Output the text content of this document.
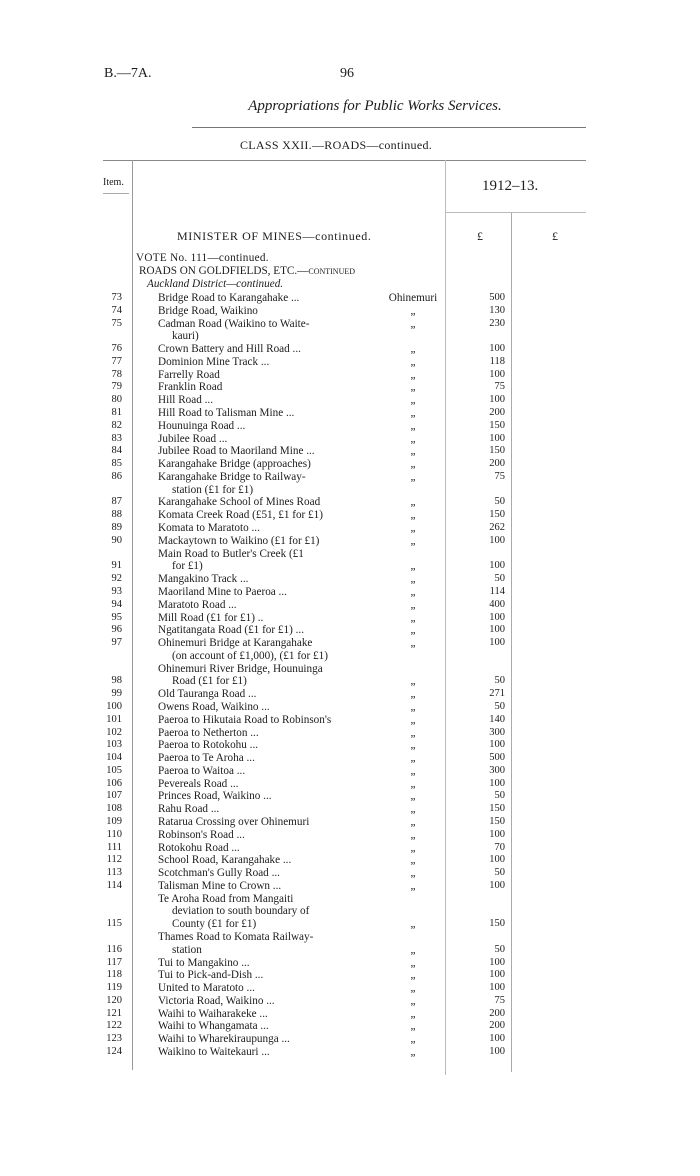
B.—7A.	96
Appropriations for Public Works Services.
CLASS XXII.—ROADS—continued.
Item.	1912–13.
MINISTER OF MINES—continued.	£	£
VOTE No. 111—continued.
ROADS ON GOLDFIELDS, ETC.—continued
Auckland District—continued.
73	Bridge Road to Karangahake ...	Ohinemuri	500
74	Bridge Road, Waikino	„	130
75	Cadman Road (Waikino to Waite-
kauri)
„	230
76	Crown Battery and Hill Road ...	„	100
77	Dominion Mine Track ...	„	118
78	Farrelly Road	„	100
79	Franklin Road	„	75
80	Hill Road ...	„	100
81	Hill Road to Talisman Mine ...	„	200
82	Hounuinga Road ...	„	150
83	Jubilee Road ...	„	100
84	Jubilee Road to Maoriland Mine ...	„	150
85	Karangahake Bridge (approaches)	„	200
86	Karangahake Bridge to Railway-
station (£1 for £1)
„	75
87	Karangahake School of Mines Road	„	50
88	Komata Creek Road (£51, £1 for £1)	„	150
89	Komata to Maratoto ...	„	262
90	Mackaytown to Waikino (£1 for £1)	„	100
91
Main Road to Butler's Creek (£1
for £1)	„	100
92	Mangakino Track ...	„	50
93	Maoriland Mine to Paeroa ...	„	114
94	Maratoto Road ...	„	400
95	Mill Road (£1 for £1) ..	„	100
96	Ngatitangata Road (£1 for £1) ...	„	100
97	Ohinemuri Bridge at Karangahake
(on account of £1,000), (£1 for £1)
„	100
98
Ohinemuri River Bridge, Hounuinga
Road (£1 for £1)	„	50
99	Old Tauranga Road ...	„	271
100	Owens Road, Waikino ...	„	50
101	Paeroa to Hikutaia Road to Robinson's	„	140
102	Paeroa to Netherton ...	„	300
103	Paeroa to Rotokohu ...	„	100
104	Paeroa to Te Aroha ...	„	500
105	Paeroa to Waitoa ...	„	300
106	Pevereals Road ...	„	100
107	Princes Road, Waikino ...	„	50
108	Rahu Road ...	„	150
109	Ratarua Crossing over Ohinemuri	„	150
110	Robinson's Road ...	„	100
111	Rotokohu Road ...	„	70
112	School Road, Karangahake ...	„	100
113	Scotchman's Gully Road ...	„	50
114	Talisman Mine to Crown ...	„	100
115
Te Aroha Road from Mangaiti
deviation to south boundary of
County (£1 for £1)	„	150
116
Thames Road to Komata Railway-
station	„	50
117	Tui to Mangakino ...	„	100
118	Tui to Pick-and-Dish ...	„	100
119	United to Maratoto ...	„	100
120	Victoria Road, Waikino ...	„	75
121	Waihi to Waiharakeke ...	„	200
122	Waihi to Whangamata ...	„	200
123	Waihi to Wharekiraupunga ...	„	100
124	Waikino to Waitekauri ...	„	100
